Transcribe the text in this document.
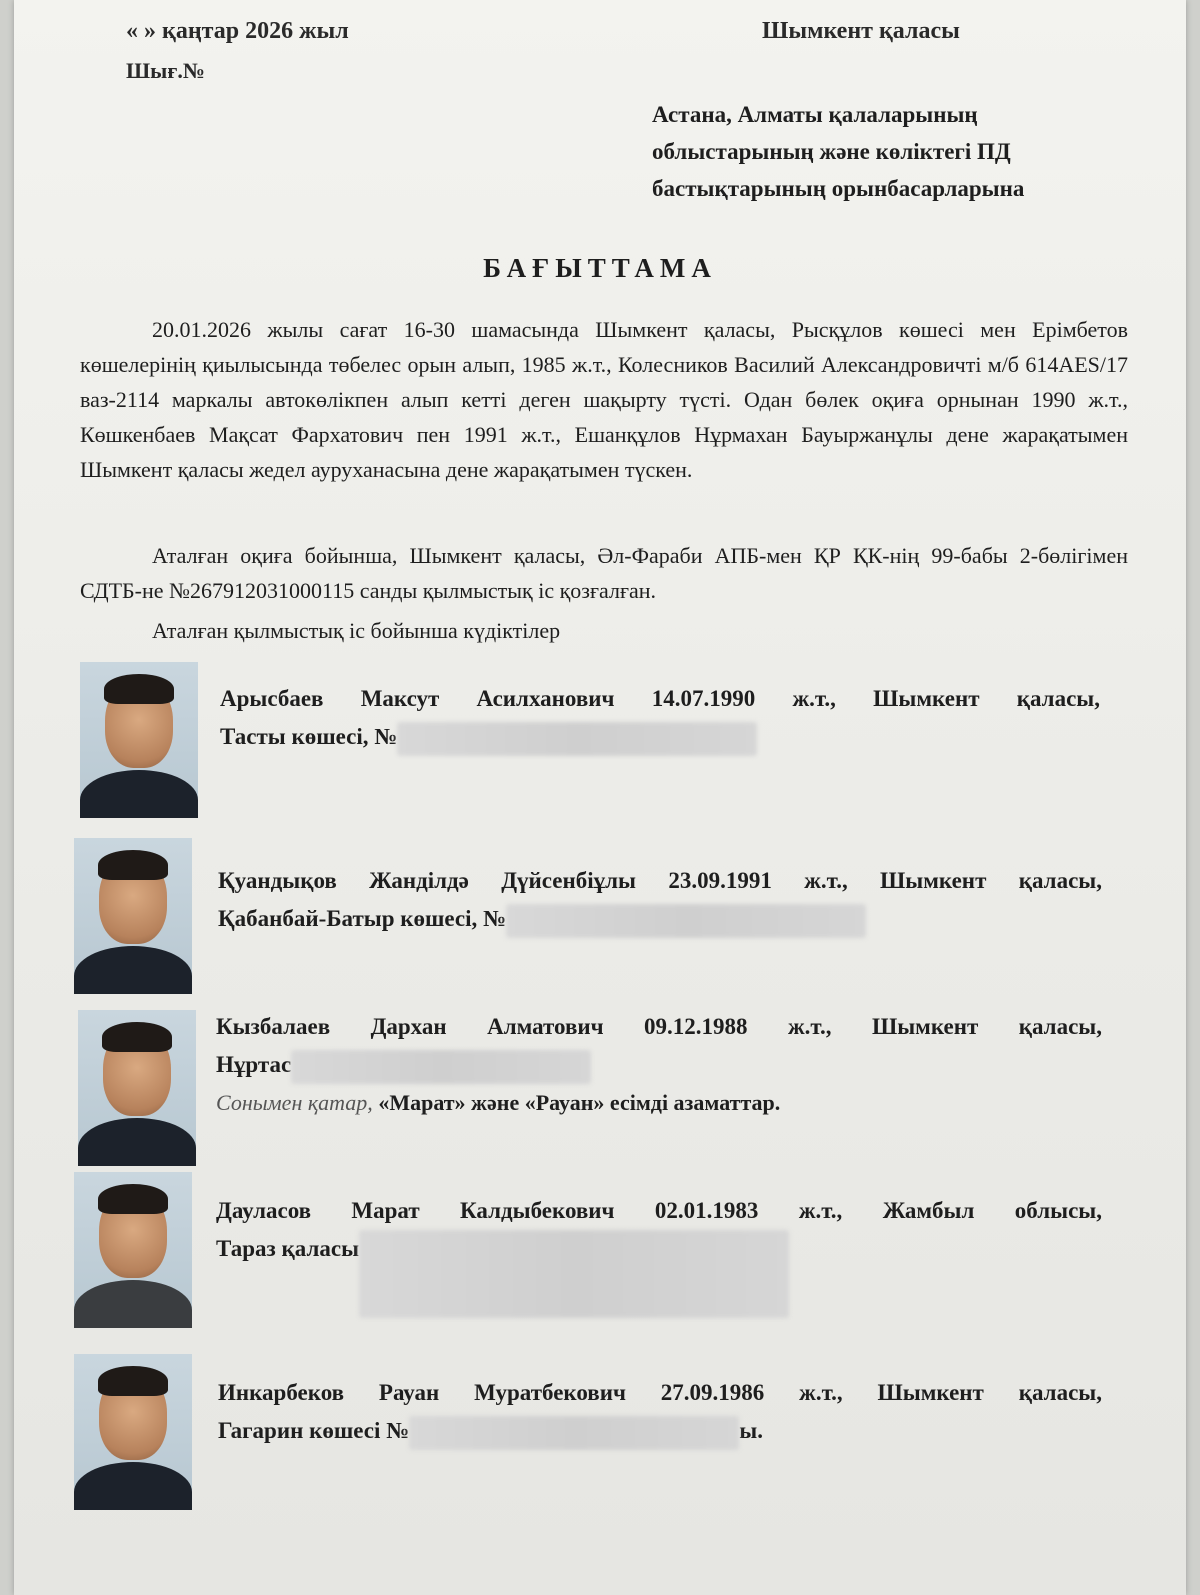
« » қаңтар 2026 жыл
Шығ.№
Шымкент қаласы
Астана, Алматы қалаларының
облыстарының және көліктегі ПД
бастықтарының орынбасарларына
БАҒЫТТАМА
20.01.2026 жылы сағат 16-30 шамасында Шымкент қаласы, Рысқұлов көшесі мен Ерімбетов көшелерінің қиылысында төбелес орын алып, 1985 ж.т., Колесников Василий Александровичті м/б 614AES/17 ваз-2114 маркалы автокөлікпен алып кетті деген шақырту түсті. Одан бөлек оқиға орнынан 1990 ж.т., Көшкенбаев Мақсат Фархатович пен 1991 ж.т., Ешанқұлов Нұрмахан Бауыржанұлы дене жарақатымен Шымкент қаласы жедел ауруханасына дене жарақатымен түскен.
Аталған оқиға бойынша, Шымкент қаласы, Әл-Фараби АПБ-мен ҚР ҚК-нің 99-бабы 2-бөлігімен СДТБ-не №267912031000115 санды қылмыстық іс қозғалған.
Аталған қылмыстық іс бойынша күдіктілер
Арысбаев Максут Асилханович 14.07.1990 ж.т., Шымкент қаласы,
Тасты көшесі, №
Қуандықов Жанділдә Дүйсенбіұлы 23.09.1991 ж.т., Шымкент қаласы,
Қабанбай-Батыр көшесі, №
Кызбалаев Дархан Алматович 09.12.1988 ж.т., Шымкент қаласы,
Нұртас
Сонымен қатар, «Марат» және «Рауан» есімді азаматтар.
Дауласов Марат Калдыбекович 02.01.1983 ж.т., Жамбыл облысы,
Тараз қаласы
Инкарбеков Рауан Муратбекович 27.09.1986 ж.т., Шымкент қаласы,
Гагарин көшесі №	ы.
